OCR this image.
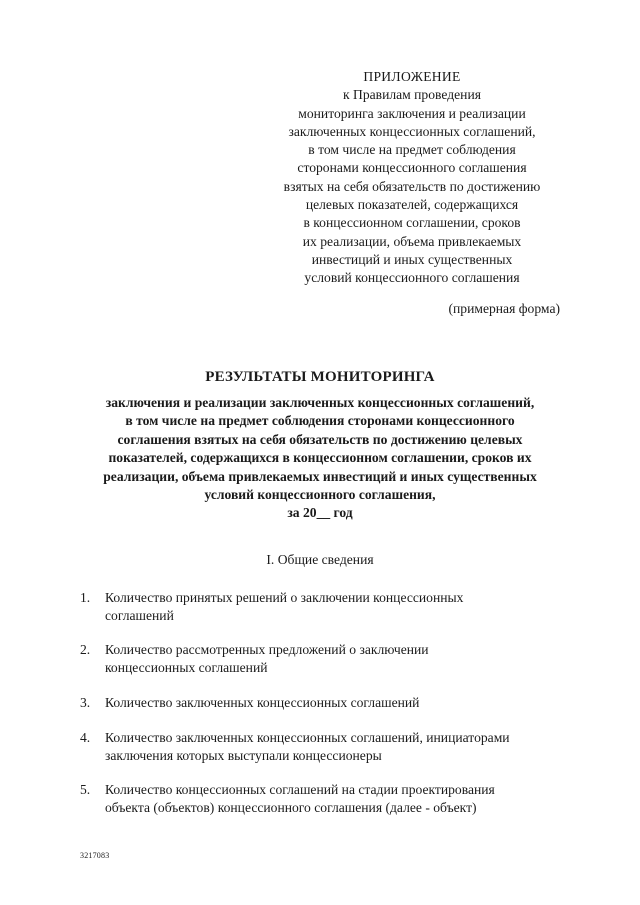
ПРИЛОЖЕНИЕ
к Правилам проведения
мониторинга заключения и реализации
заключенных концессионных соглашений,
в том числе на предмет соблюдения
сторонами концессионного соглашения
взятых на себя обязательств по достижению
целевых показателей, содержащихся
в концессионном соглашении, сроков
их реализации, объема привлекаемых
инвестиций и иных существенных
условий концессионного соглашения
(примерная форма)
РЕЗУЛЬТАТЫ МОНИТОРИНГА
заключения и реализации заключенных концессионных соглашений,
в том числе на предмет соблюдения сторонами концессионного
соглашения взятых на себя обязательств по достижению целевых
показателей, содержащихся в концессионном соглашении, сроков их
реализации, объема привлекаемых инвестиций и иных существенных
условий концессионного соглашения,
за 20__ год
I. Общие сведения
1.	Количество принятых решений о заключении концессионных
соглашений
2.	Количество рассмотренных предложений о заключении
концессионных соглашений
3.	Количество заключенных концессионных соглашений
4.	Количество заключенных концессионных соглашений, инициаторами
заключения которых выступали концессионеры
5.	Количество концессионных соглашений на стадии проектирования
объекта (объектов) концессионного соглашения (далее - объект)
3217083
